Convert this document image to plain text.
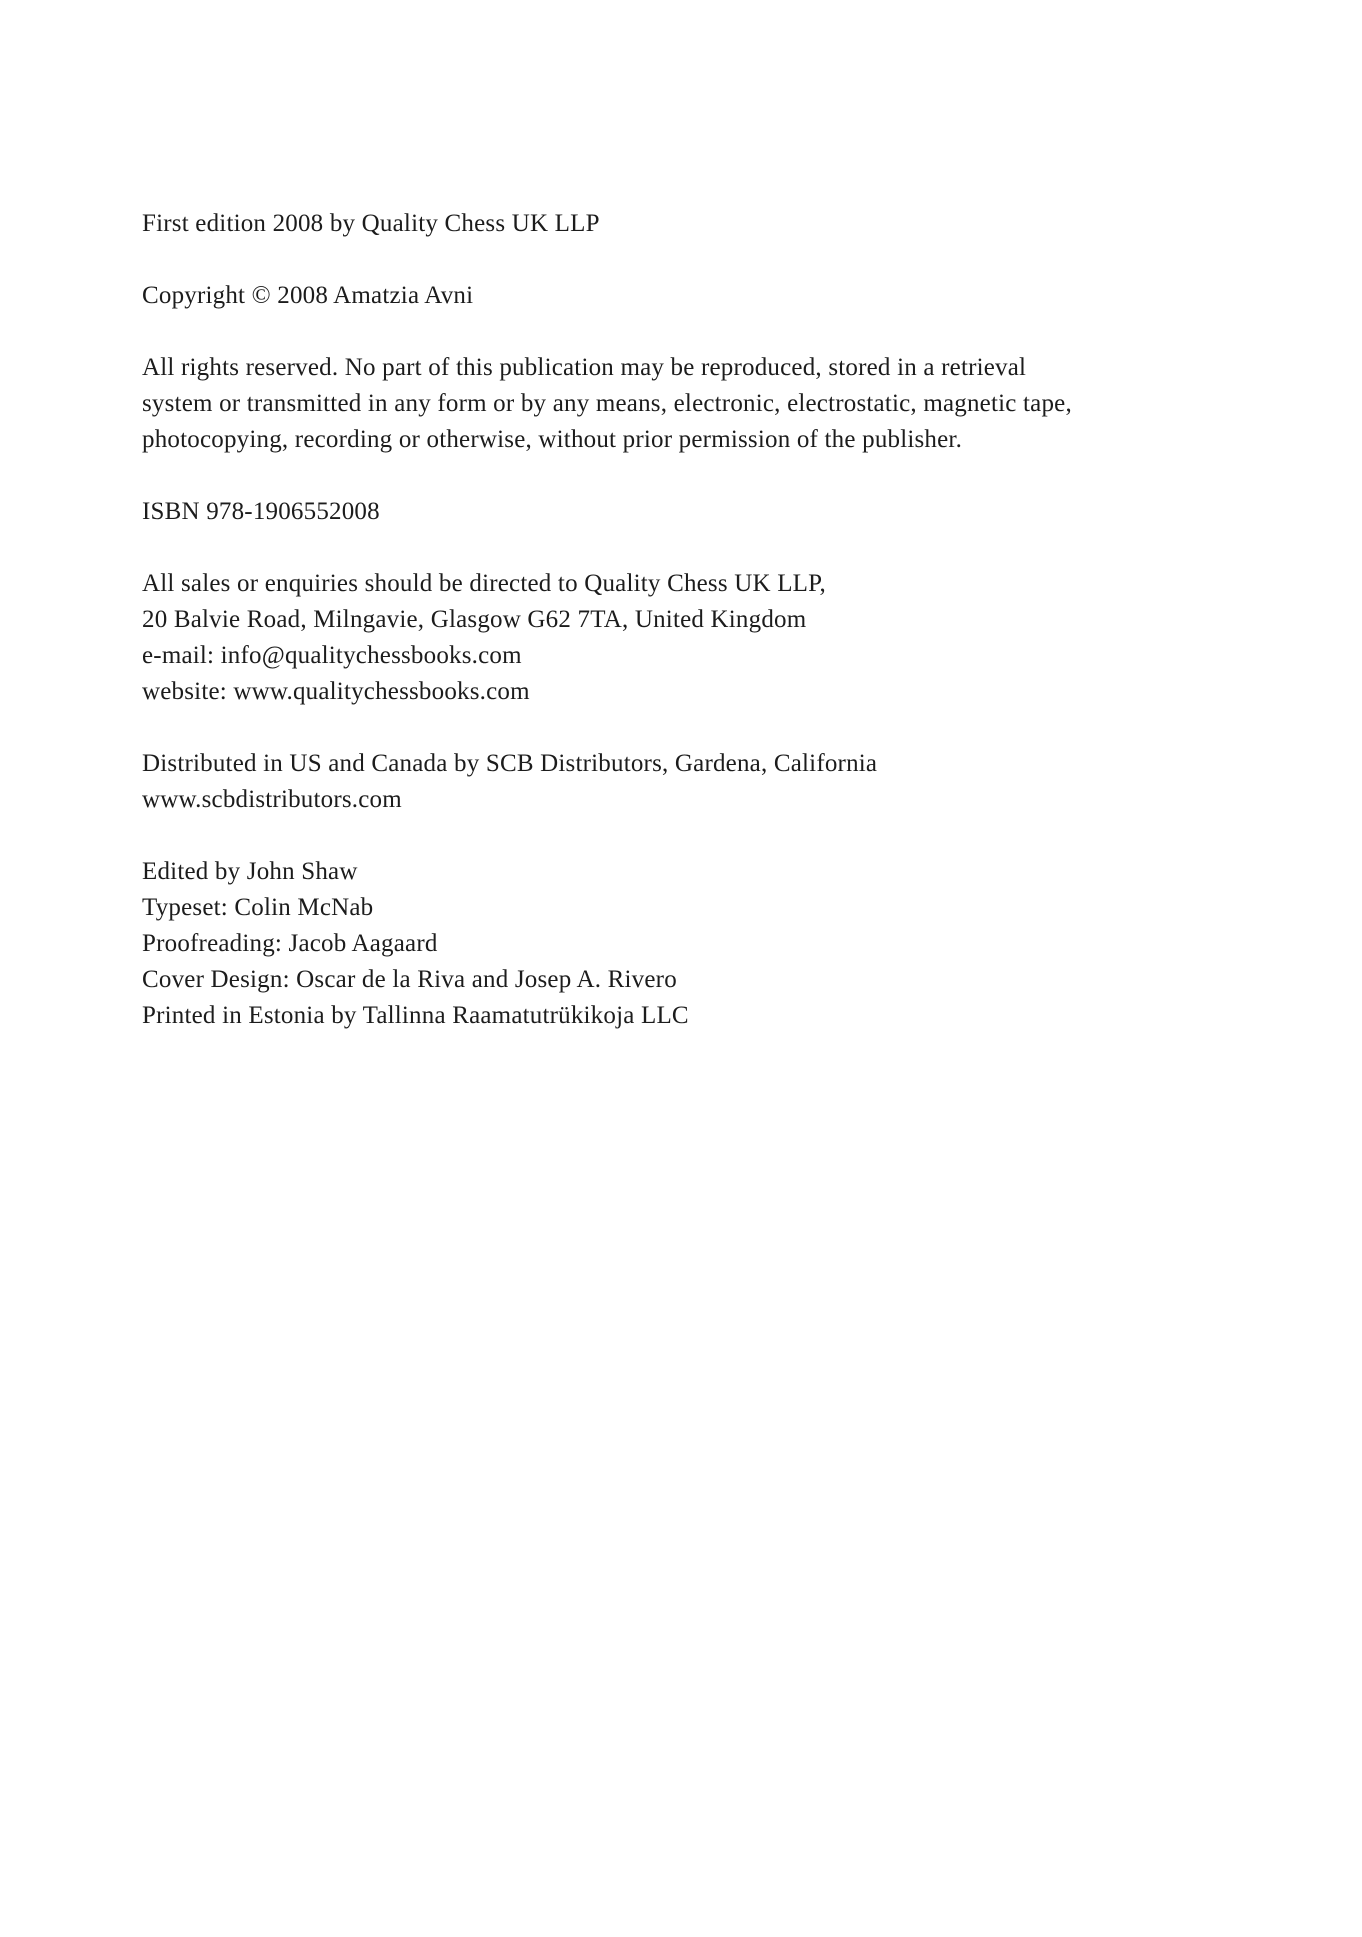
First edition 2008 by Quality Chess UK LLP
Copyright © 2008 Amatzia Avni
All rights reserved. No part of this publication may be reproduced, stored in a retrieval
system or transmitted in any form or by any means, electronic, electrostatic, magnetic tape,
photocopying, recording or otherwise, without prior permission of the publisher.
ISBN 978-1906552008
All sales or enquiries should be directed to Quality Chess UK LLP,
20 Balvie Road, Milngavie, Glasgow G62 7TA, United Kingdom
e-mail: info@qualitychessbooks.com
website: www.qualitychessbooks.com
Distributed in US and Canada by SCB Distributors, Gardena, California
www.scbdistributors.com
Edited by John Shaw
Typeset: Colin McNab
Proofreading: Jacob Aagaard
Cover Design: Oscar de la Riva and Josep A. Rivero
Printed in Estonia by Tallinna Raamatutrükikoja LLC
